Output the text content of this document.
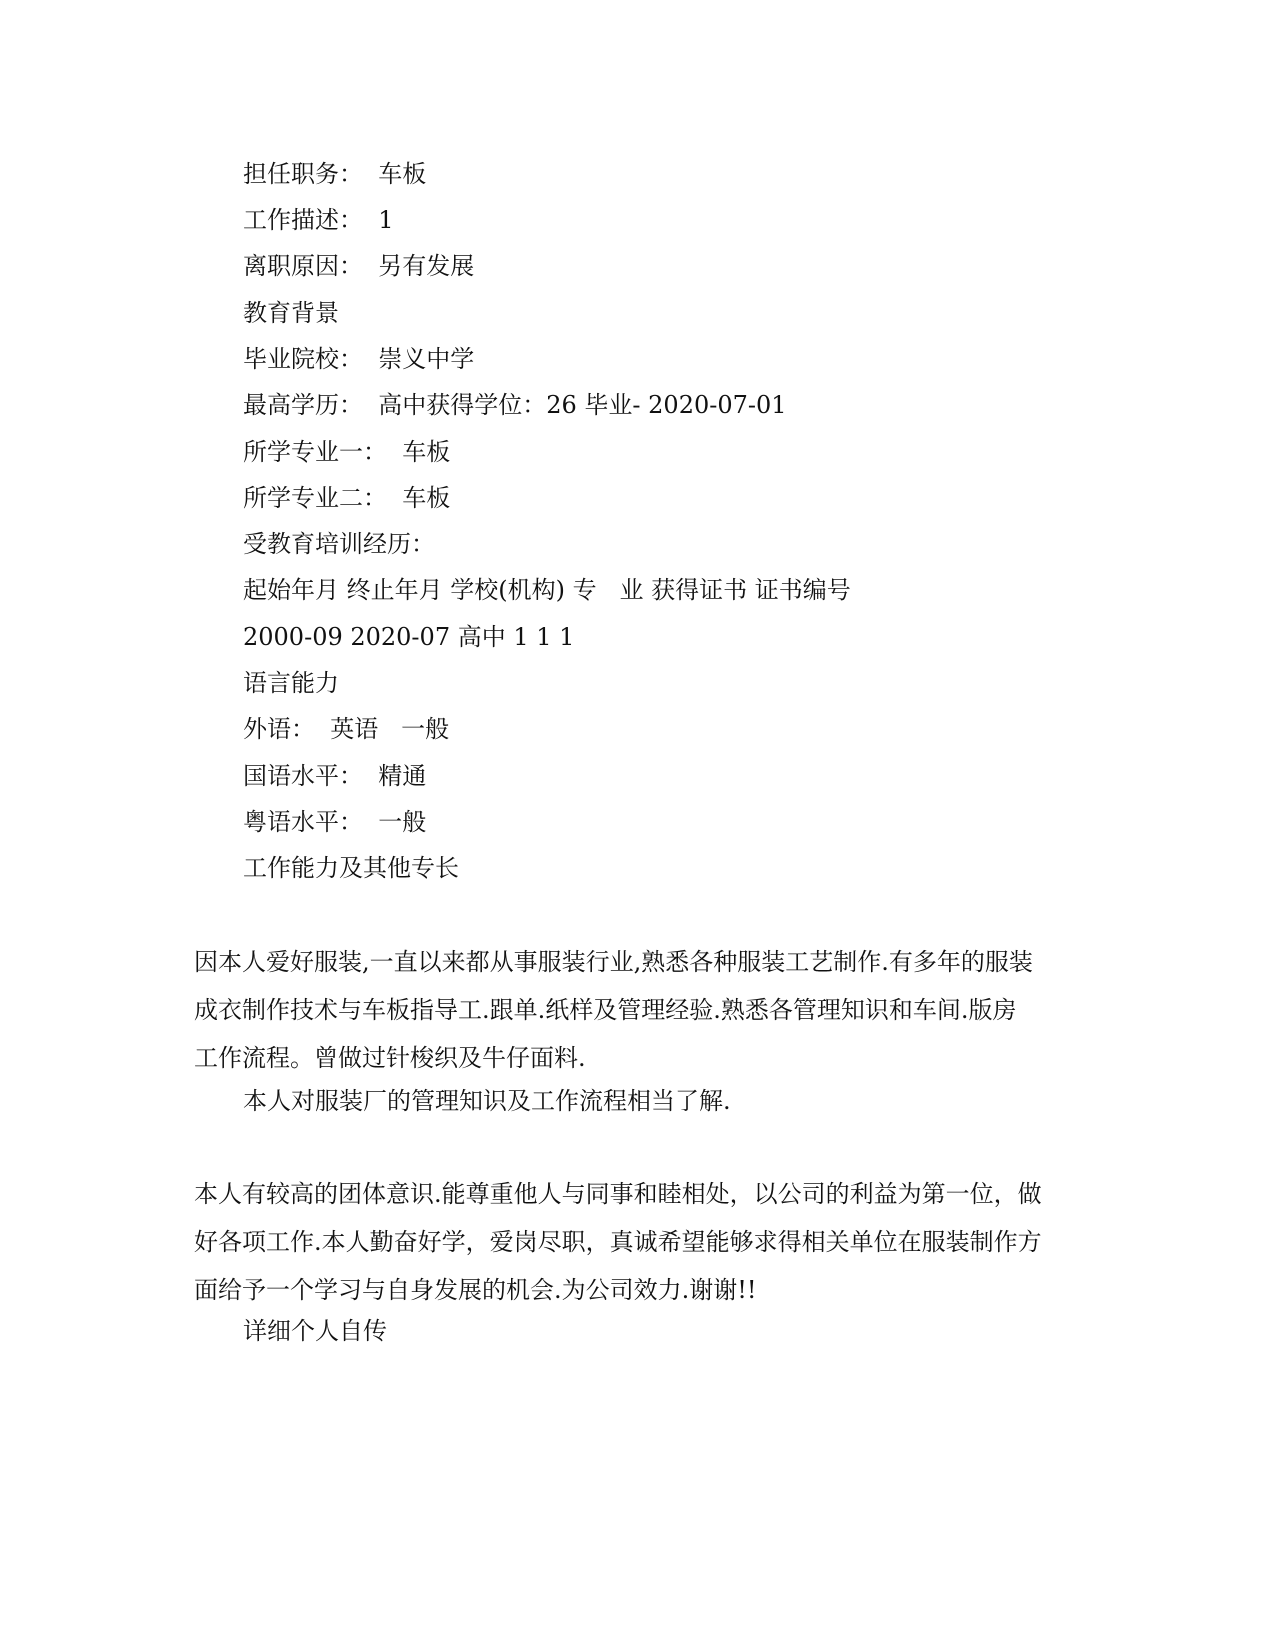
担任职务：  车板
工作描述：  1
离职原因：  另有发展
教育背景
毕业院校：  崇义中学
最高学历：  高中获得学位：26 毕业- 2020-07-01
所学专业一：  车板
所学专业二：  车板
受教育培训经历：
起始年月 终止年月 学校(机构) 专   业 获得证书 证书编号
2000-09 2020-07 高中 1 1 1
语言能力
外语：  英语   一般
国语水平：  精通
粤语水平：  一般
工作能力及其他专长
因本人爱好服装,一直以来都从事服装行业,熟悉各种服装工艺制作.有多年的服装
成衣制作技术与车板指导工.跟单.纸样及管理经验.熟悉各管理知识和车间.版房
工作流程。曾做过针梭织及牛仔面料.
本人对服装厂的管理知识及工作流程相当了解.
本人有较高的团体意识.能尊重他人与同事和睦相处，以公司的利益为第一位，做
好各项工作.本人勤奋好学，爱岗尽职，真诚希望能够求得相关单位在服装制作方
面给予一个学习与自身发展的机会.为公司效力.谢谢!!
详细个人自传
